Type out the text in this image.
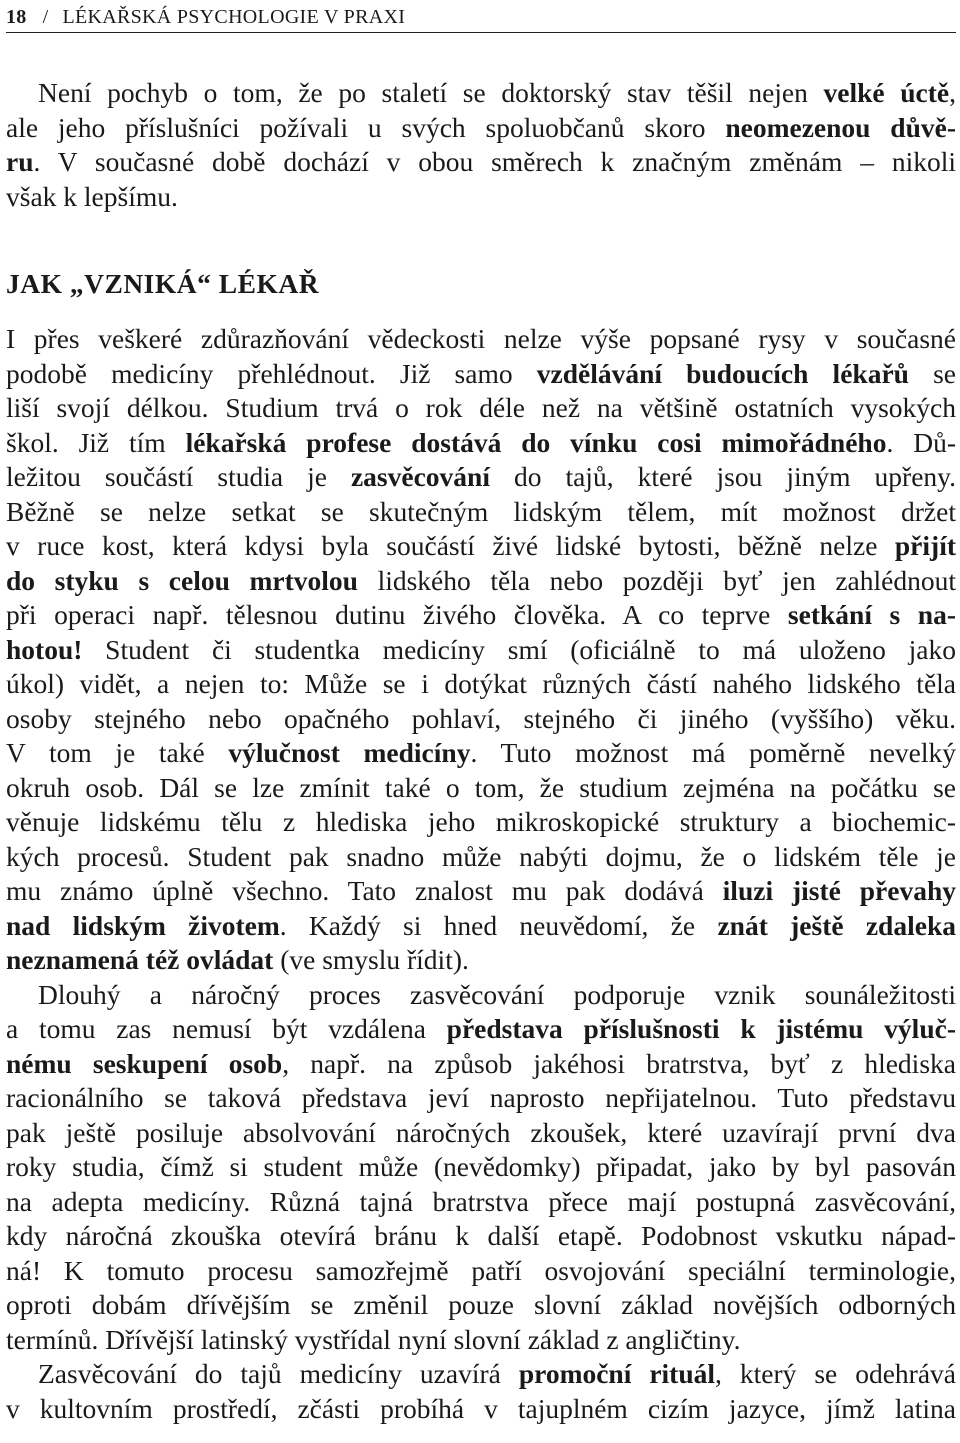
18 / LÉKAŘSKÁ PSYCHOLOGIE V PRAXI
Není pochyb o tom, že po staletí se doktorský stav těšil nejen velké úctě,
ale jeho příslušníci požívali u svých spoluobčanů skoro neomezenou důvě-
ru. V současné době dochází v obou směrech k značným změnám – nikoli
však k lepšímu.
JAK „VZNIKÁ“ LÉKAŘ
I přes veškeré zdůrazňování vědeckosti nelze výše popsané rysy v současné
podobě medicíny přehlédnout. Již samo vzdělávání budoucích lékařů se
liší svojí délkou. Studium trvá o rok déle než na většině ostatních vysokých
škol. Již tím lékařská profese dostává do vínku cosi mimořádného. Dů-
ležitou součástí studia je zasvěcování do tajů, které jsou jiným upřeny.
Běžně se nelze setkat se skutečným lidským tělem, mít možnost držet
v ruce kost, která kdysi byla součástí živé lidské bytosti, běžně nelze přijít
do styku s celou mrtvolou lidského těla nebo později byť jen zahlédnout
při operaci např. tělesnou dutinu živého člověka. A co teprve setkání s na-
hotou! Student či studentka medicíny smí (oficiálně to má uloženo jako
úkol) vidět, a nejen to: Může se i dotýkat různých částí nahého lidského těla
osoby stejného nebo opačného pohlaví, stejného či jiného (vyššího) věku.
V tom je také výlučnost medicíny. Tuto možnost má poměrně nevelký
okruh osob. Dál se lze zmínit také o tom, že studium zejména na počátku se
věnuje lidskému tělu z hlediska jeho mikroskopické struktury a biochemic-
kých procesů. Student pak snadno může nabýti dojmu, že o lidském těle je
mu známo úplně všechno. Tato znalost mu pak dodává iluzi jisté převahy
nad lidským životem. Každý si hned neuvědomí, že znát ještě zdaleka
neznamená též ovládat (ve smyslu řídit).
Dlouhý a náročný proces zasvěcování podporuje vznik sounáležitosti
a tomu zas nemusí být vzdálena představa příslušnosti k jistému výluč-
nému seskupení osob, např. na způsob jakéhosi bratrstva, byť z hlediska
racionálního se taková představa jeví naprosto nepřijatelnou. Tuto představu
pak ještě posiluje absolvování náročných zkoušek, které uzavírají první dva
roky studia, čímž si student může (nevědomky) připadat, jako by byl pasován
na adepta medicíny. Různá tajná bratrstva přece mají postupná zasvěcování,
kdy náročná zkouška otevírá bránu k další etapě. Podobnost vskutku nápad-
ná! K tomuto procesu samozřejmě patří osvojování speciální terminologie,
oproti dobám dřívějším se změnil pouze slovní základ novějších odborných
termínů. Dřívější latinský vystřídal nyní slovní základ z angličtiny.
Zasvěcování do tajů medicíny uzavírá promoční rituál, který se odehrává
v kultovním prostředí, zčásti probíhá v tajuplném cizím jazyce, jímž latina
